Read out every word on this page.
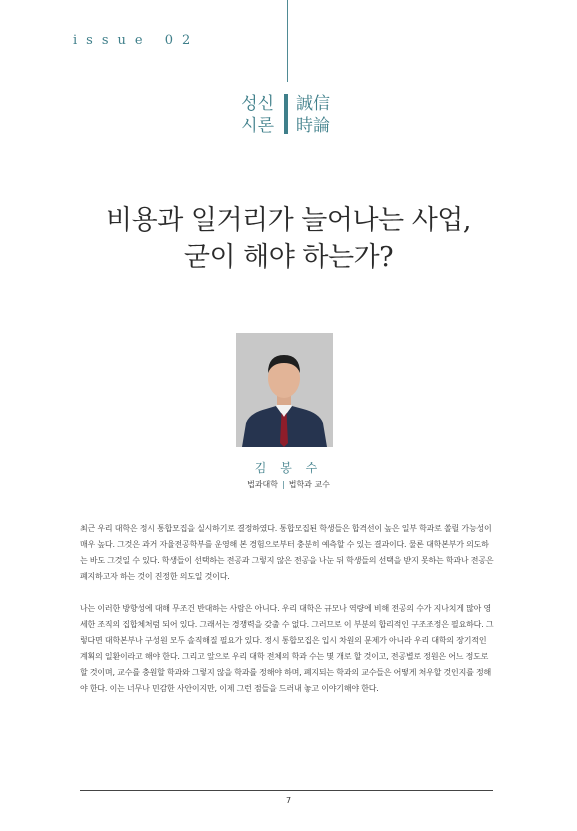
issue 02
성신
시론
誠信
時論
비용과 일거리가 늘어나는 사업,
굳이 해야 하는가?
김 봉 수
법과대학 | 법학과 교수

최근 우리 대학은 정시 통합모집을 실시하기로 결정하였다. 통합모집된 학생들은 합격선이 높은 일부 학과로 쏠릴 가능성이 매우 높다. 그것은 과거 자율전공학부를 운영해 본 경험으로부터 충분히 예측할 수 있는 결과이다. 물론 대학본부가 의도하는 바도 그것일 수 있다. 학생들이 선택하는 전공과 그렇지 않은 전공을 나눈 뒤 학생들의 선택을 받지 못하는 학과나 전공은 폐지하고자 하는 것이 진정한 의도일 것이다.

나는 이러한 방향성에 대해 무조건 반대하는 사람은 아니다. 우리 대학은 규모나 역량에 비해 전공의 수가 지나치게 많아 영세한 조직의 집합체처럼 되어 있다. 그래서는 경쟁력을 갖출 수 없다. 그러므로 이 부분의 합리적인 구조조정은 필요하다. 그렇다면 대학본부나 구성원 모두 솔직해질 필요가 있다. 정시 통합모집은 입시 차원의 문제가 아니라 우리 대학의 장기적인 계획의 일환이라고 해야 한다. 그리고 앞으로 우리 대학 전체의 학과 수는 몇 개로 할 것이고, 전공별로 정원은 어느 정도로 할 것이며, 교수를 충원할 학과와 그렇지 않을 학과를 정해야 하며, 폐지되는 학과의 교수들은 어떻게 처우할 것인지를 정해야 한다. 이는 너무나 민감한 사안이지만, 이제 그런 점들을 드러내 놓고 이야기해야 한다.

7
